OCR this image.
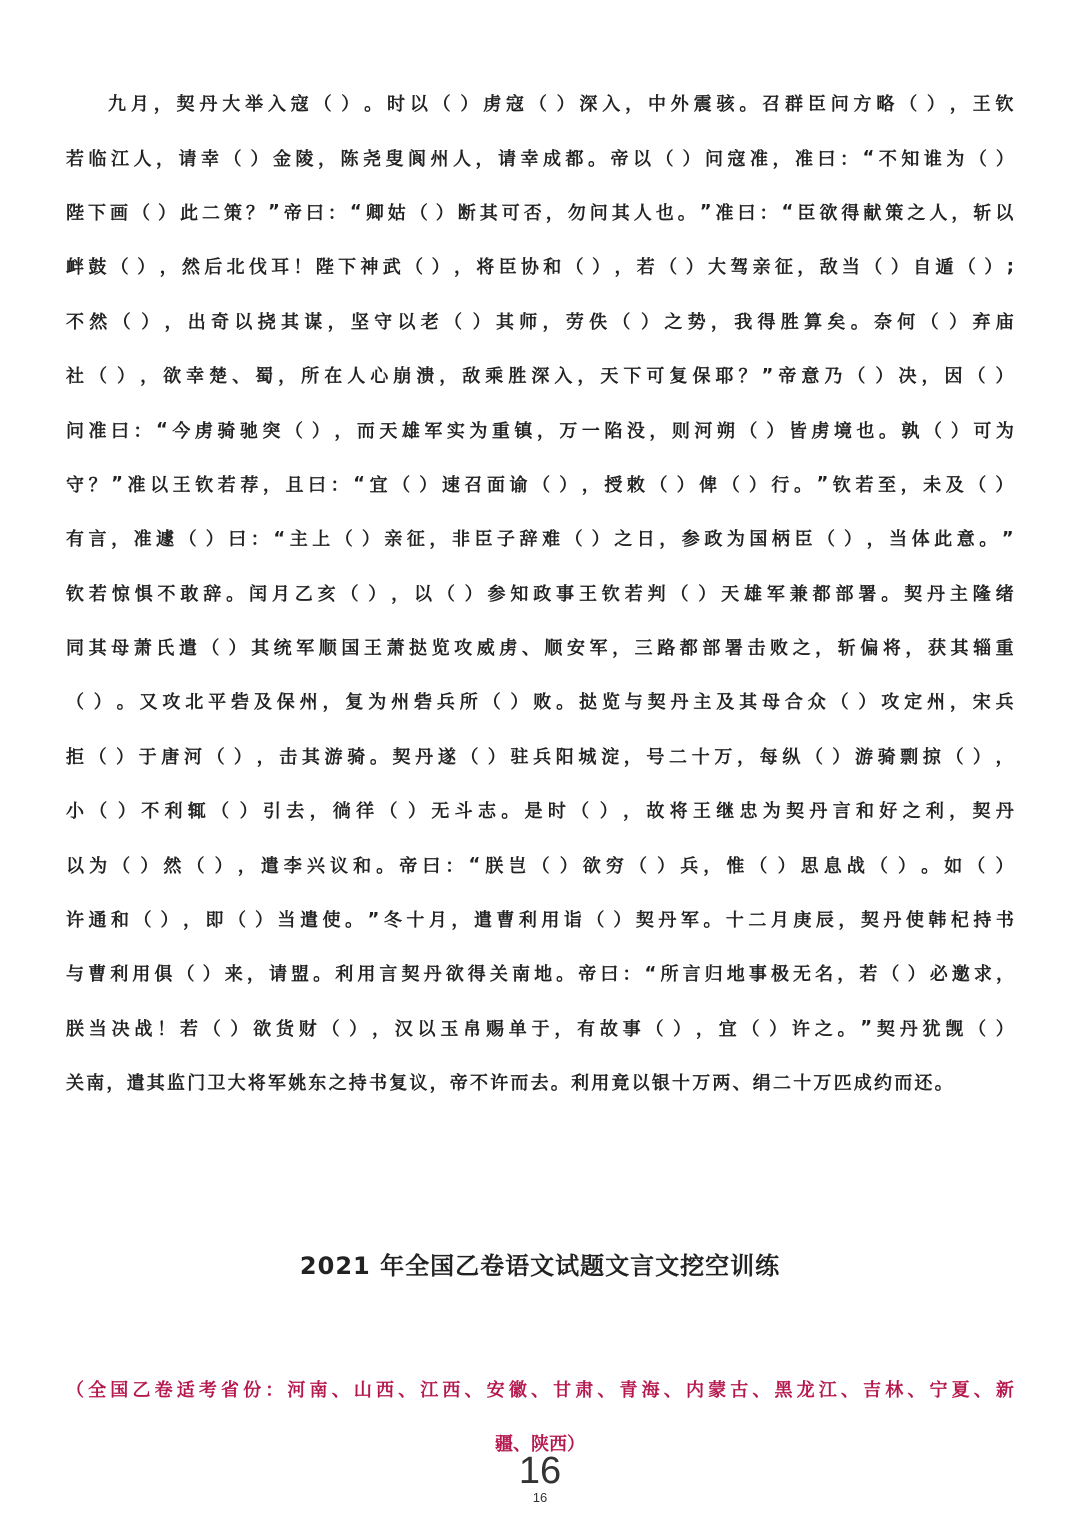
九 月 ， 契 丹 大 举 入 寇 （ ） 。 时 以 （ ） 虏 寇 （ ） 深 入 ， 中 外 震 骇 。 召 群 臣 问 方 略 （ ） ， 王 钦
若 临 江 人 ， 请 幸 （ ） 金 陵 ， 陈 尧 叟 阆 州 人 ， 请 幸 成 都 。 帝 以 （ ） 问 寇 准 ， 准 曰 ： “ 不 知 谁 为 （ ）
陛 下 画 （ ） 此 二 策 ？ ” 帝 曰 ： “ 卿 姑 （ ） 断 其 可 否 ， 勿 问 其 人 也 。 ” 准 曰 ： “ 臣 欲 得 献 策 之 人 ， 斩 以
衅 鼓 （ ） ， 然 后 北 伐 耳 ！ 陛 下 神 武 （ ） ， 将 臣 协 和 （ ） ， 若 （ ） 大 驾 亲 征 ， 敌 当 （ ） 自 遁 （ ） ;
不 然 （ ） ， 出 奇 以 挠 其 谋 ， 坚 守 以 老 （ ） 其 师 ， 劳 佚 （ ） 之 势 ， 我 得 胜 算 矣 。 奈 何 （ ） 弃 庙
社 （ ） ， 欲 幸 楚 、 蜀 ， 所 在 人 心 崩 溃 ， 敌 乘 胜 深 入 ， 天 下 可 复 保 耶 ？ ” 帝 意 乃 （ ） 决 ， 因 （ ）
问 准 曰 ： “ 今 虏 骑 驰 突 （ ） ， 而 天 雄 军 实 为 重 镇 ， 万 一 陷 没 ， 则 河 朔 （ ） 皆 虏 境 也 。 孰 （ ） 可 为
守 ？ ” 准 以 王 钦 若 荐 ， 且 曰 ： “ 宜 （ ） 速 召 面 谕 （ ） ， 授 敕 （ ） 俾 （ ） 行 。 ” 钦 若 至 ， 未 及 （ ）
有 言 ， 准 遽 （ ） 曰 ： “ 主 上 （ ） 亲 征 ， 非 臣 子 辞 难 （ ） 之 日 ， 参 政 为 国 柄 臣 （ ） ， 当 体 此 意 。 ”
钦 若 惊 惧 不 敢 辞 。 闰 月 乙 亥 （ ） ， 以 （ ） 参 知 政 事 王 钦 若 判 （ ） 天 雄 军 兼 都 部 署 。 契 丹 主 隆 绪
同 其 母 萧 氏 遣 （ ） 其 统 军 顺 国 王 萧 挞 览 攻 威 虏 、 顺 安 军 ， 三 路 都 部 署 击 败 之 ， 斩 偏 将 ， 获 其 辎 重
（ ） 。 又 攻 北 平 砦 及 保 州 ， 复 为 州 砦 兵 所 （ ） 败 。 挞 览 与 契 丹 主 及 其 母 合 众 （ ） 攻 定 州 ， 宋 兵
拒 （ ） 于 唐 河 （ ） ， 击 其 游 骑 。 契 丹 遂 （ ） 驻 兵 阳 城 淀 ， 号 二 十 万 ， 每 纵 （ ） 游 骑 剽 掠 （ ） ，
小 （ ） 不 利 辄 （ ） 引 去 ， 徜 徉 （ ） 无 斗 志 。 是 时 （ ） ， 故 将 王 继 忠 为 契 丹 言 和 好 之 利 ， 契 丹
以 为 （ ） 然 （ ） ， 遣 李 兴 议 和 。 帝 曰 ： “ 朕 岂 （ ） 欲 穷 （ ） 兵 ， 惟 （ ） 思 息 战 （ ） 。 如 （ ）
许 通 和 （ ） ， 即 （ ） 当 遣 使 。 ” 冬 十 月 ， 遣 曹 利 用 诣 （ ） 契 丹 军 。 十 二 月 庚 辰 ， 契 丹 使 韩 杞 持 书
与 曹 利 用 俱 （ ） 来 ， 请 盟 。 利 用 言 契 丹 欲 得 关 南 地 。 帝 曰 ： “ 所 言 归 地 事 极 无 名 ， 若 （ ） 必 邀 求 ，
朕 当 决 战 ！ 若 （ ） 欲 货 财 （ ） ， 汉 以 玉 帛 赐 单 于 ， 有 故 事 （ ） ， 宜 （ ） 许 之 。 ” 契 丹 犹 觊 （ ）
关南，遣其监门卫大将军姚东之持书复议，帝不许而去。利用竟以银十万两、绢二十万匹成约而还。
2021 年全国乙卷语文试题文言文挖空训练
（ 全 国 乙 卷 适 考 省 份 ： 河 南 、 山 西 、 江 西 、 安 徽 、 甘 肃 、 青 海 、 内 蒙 古 、 黑 龙 江 、 吉 林 、 宁 夏 、 新
疆、陕西）
16
16
